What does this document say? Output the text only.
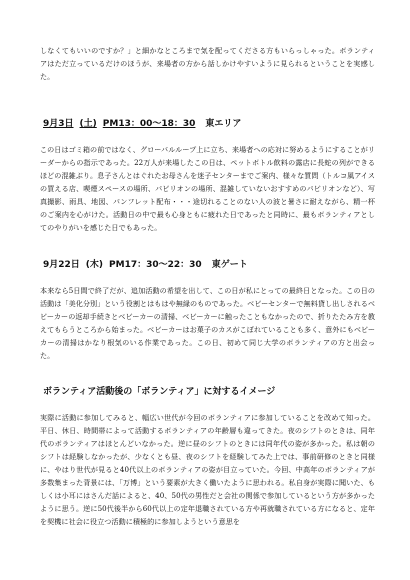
しなくてもいいのですか？」と細かなところまで気を配ってくださる方もいらっしゃった。ボランティアはただ立っているだけのほうが、来場者の方から話しかけやすいように見られるということを実感した。

9月3日 (土) PM13：00〜18：30 東エリア

この日はゴミ箱の前ではなく、グローバルループ上に立ち、来場者への応対に努めるようにすることがリーダーからの指示であった。22万人が来場したこの日は、ペットボトル飲料の露店に長蛇の列ができるほどの混雑ぶり。息子さんとはぐれたお母さんを迷子センターまでご案内、様々な質問（トルコ風アイスの買える店、喫煙スペースの場所、パビリオンの場所、混雑していないおすすめのパビリオンなど）、写真撮影、雨具、地図、パンフレット配布・・・途切れることのない人の波と暑さに耐えながら、精一杯のご案内を心がけた。活動日の中で最も心身ともに疲れた日であったと同時に、最もボランティアとしてのやりがいを感じた日でもあった。

9月22日 (木) PM17：30〜22：30 東ゲート

本来なら5日間で終了だが、追加活動の希望を出して、この日が私にとっての最終日となった。この日の活動は「美化分別」という役割とはもはや無縁のものであった。ベビーセンターで無料貸し出しされるベビーカーの返却手続きとベビーカーの清掃、ベビーカーに触ったこともなかったので、折りたたみ方を教えてもらうところから始まった。ベビーカーはお菓子のカスがこぼれていることも多く、意外にもベビーカーの清掃はかなり根気のいる作業であった。この日、初めて同じ大学のボランティアの方と出会った。

ボランティア活動後の「ボランティア」に対するイメージ

実際に活動に参加してみると、幅広い世代が今回のボランティアに参加していることを改めて知った。平日、休日、時間帯によって活動するボランティアの年齢層も違ってきた。夜のシフトのときは、同年代のボランティアはほとんどいなかった。逆に昼のシフトのときには同年代の姿が多かった。私は朝のシフトは経験しなかったが、少なくとも昼、夜のシフトを経験してみた上では、事前研修のときと同様に、やはり世代が見ると40代以上のボランティアの姿が目立っていた。今回、中高年のボランティアが多数集まった背景には、「万博」という要素が大きく働いたように思われる。私自身が実際に聞いた、もしくは小耳にはさんだ話によると、40、50代の男性だと会社の関係で参加しているという方が多かったように思う。逆に50代後半から60代以上の定年退職されている方や再就職されている方になると、定年を契機に社会に役立つ活動に積極的に参加しようという意思を
